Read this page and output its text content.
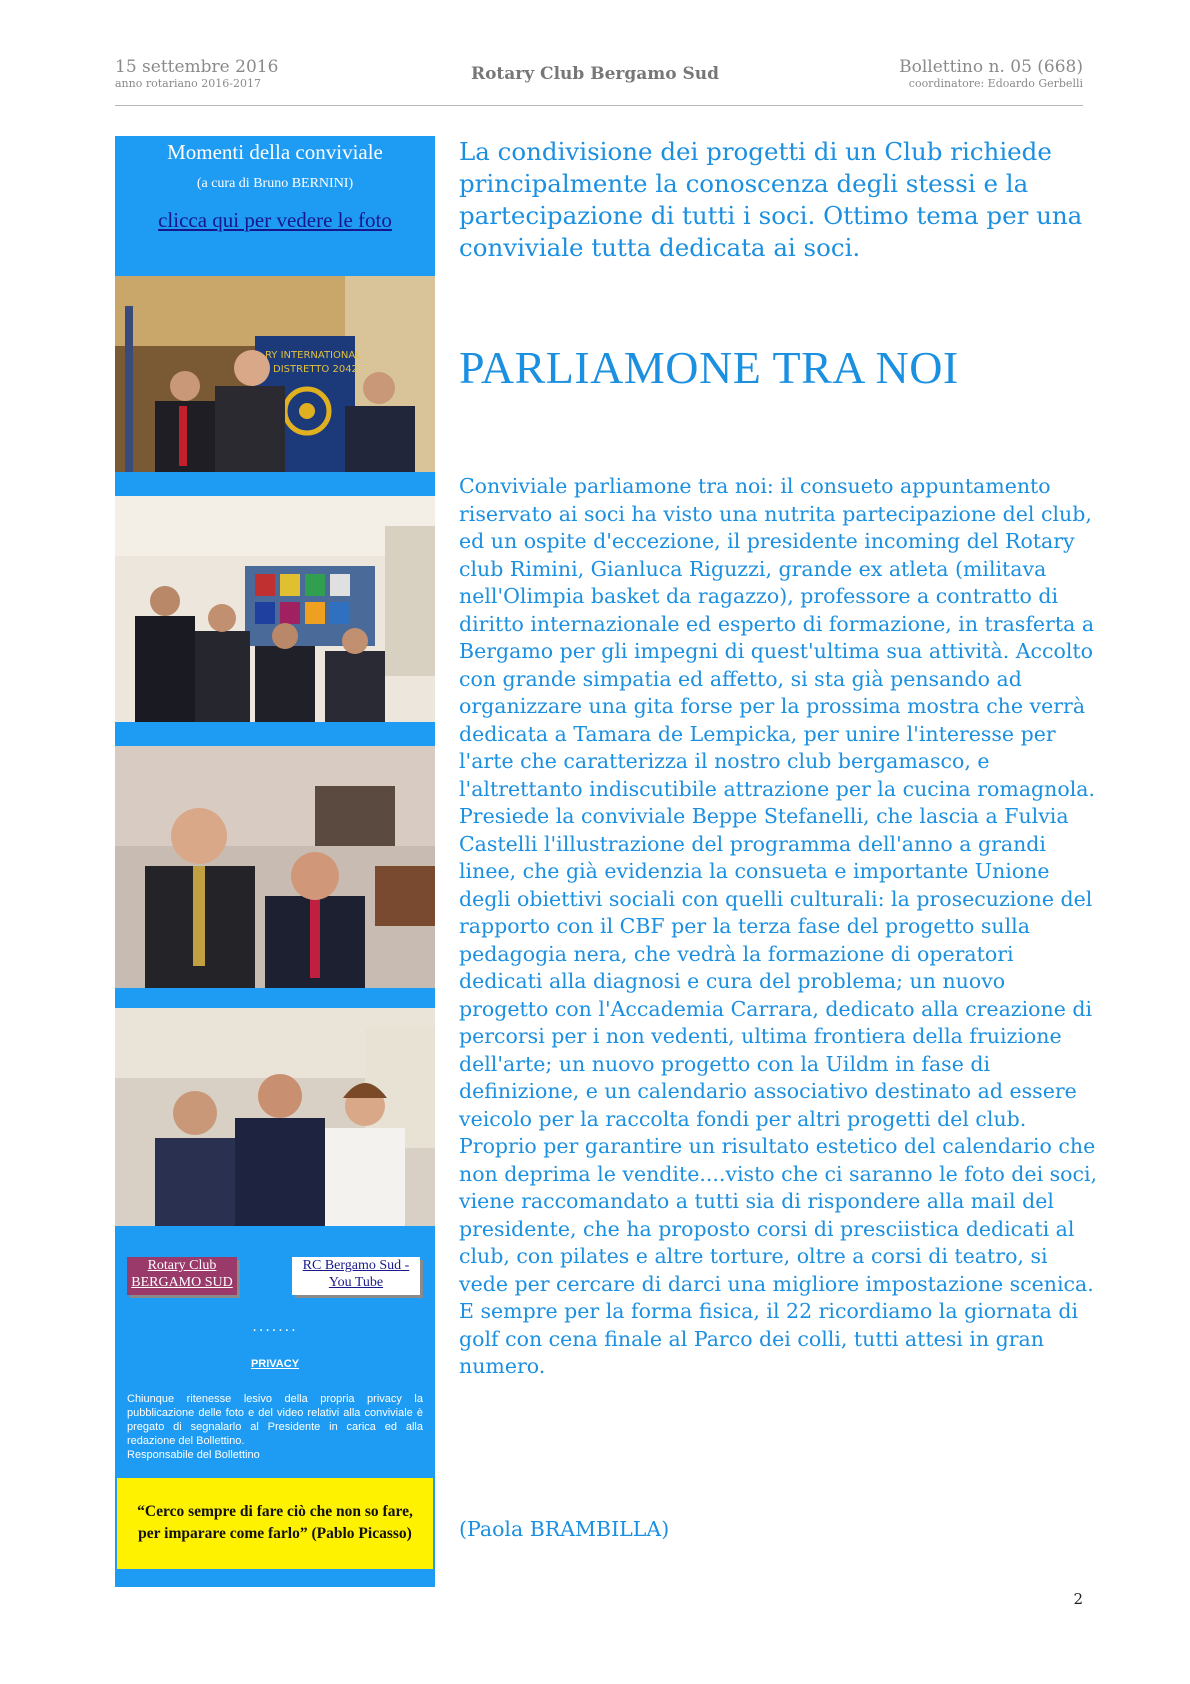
15 settembre 2016
anno rotariano 2016-2017	Rotary Club Bergamo Sud	Bollettino n. 05 (668)
coordinatore: Edoardo Gerbelli
Momenti della conviviale
(a cura di Bruno BERNINI)
clicca qui per vedere le foto
RY INTERNATIONAL
DISTRETTO 2042
Rotary Club
BERGAMO SUD
RC Bergamo Sud -
You Tube
.......
PRIVACY
Chiunque ritenesse lesivo della propria privacy la pubblicazione delle foto e del video relativi alla conviviale è pregato di segnalarlo al Presidente in carica ed alla redazione del Bollettino.
Responsabile del Bollettino
“Cerco sempre di fare ciò che non so fare,
per imparare come farlo” (Pablo Picasso)
La condivisione dei progetti di un Club richiede principalmente la conoscenza degli stessi e la partecipazione di tutti i soci. Ottimo tema per una conviviale tutta dedicata ai soci.
PARLIAMONE TRA NOI

Conviviale parliamone tra noi: il consueto appuntamento riservato ai soci ha visto una nutrita partecipazione del club, ed un ospite d'eccezione, il presidente incoming del Rotary club Rimini, Gianluca Riguzzi, grande ex atleta (militava nell'Olimpia basket da ragazzo), professore a contratto di diritto internazionale ed esperto di formazione, in trasferta a Bergamo per gli impegni di quest'ultima sua attività. Accolto con grande simpatia ed affetto, si sta già pensando ad organizzare una gita forse per la prossima mostra che verrà dedicata a Tamara de Lempicka, per unire l'interesse per l'arte che caratterizza il nostro club bergamasco, e l'altrettanto indiscutibile attrazione per la cucina romagnola.

Presiede la conviviale Beppe Stefanelli, che lascia a Fulvia Castelli l'illustrazione del programma dell'anno a grandi linee, che già evidenzia la consueta e importante Unione degli obiettivi sociali con quelli culturali: la prosecuzione del rapporto con il CBF per la terza fase del progetto sulla pedagogia nera, che vedrà la formazione di operatori dedicati alla diagnosi e cura del problema; un nuovo progetto con l'Accademia Carrara, dedicato alla creazione di percorsi per i non vedenti, ultima frontiera della fruizione dell'arte; un nuovo progetto con la Uildm in fase di definizione, e un calendario associativo destinato ad essere veicolo per la raccolta fondi per altri progetti del club.

Proprio per garantire un risultato estetico del calendario che non deprima le vendite....visto che ci saranno le foto dei soci, viene raccomandato a tutti sia di rispondere alla mail del presidente, che ha proposto corsi di presciistica dedicati al club, con pilates e altre torture, oltre a corsi di teatro, si vede per cercare di darci una migliore impostazione scenica.

E sempre per la forma fisica, il 22 ricordiamo la giornata di golf con cena finale al Parco dei colli, tutti attesi in gran numero.

(Paola BRAMBILLA)
2
